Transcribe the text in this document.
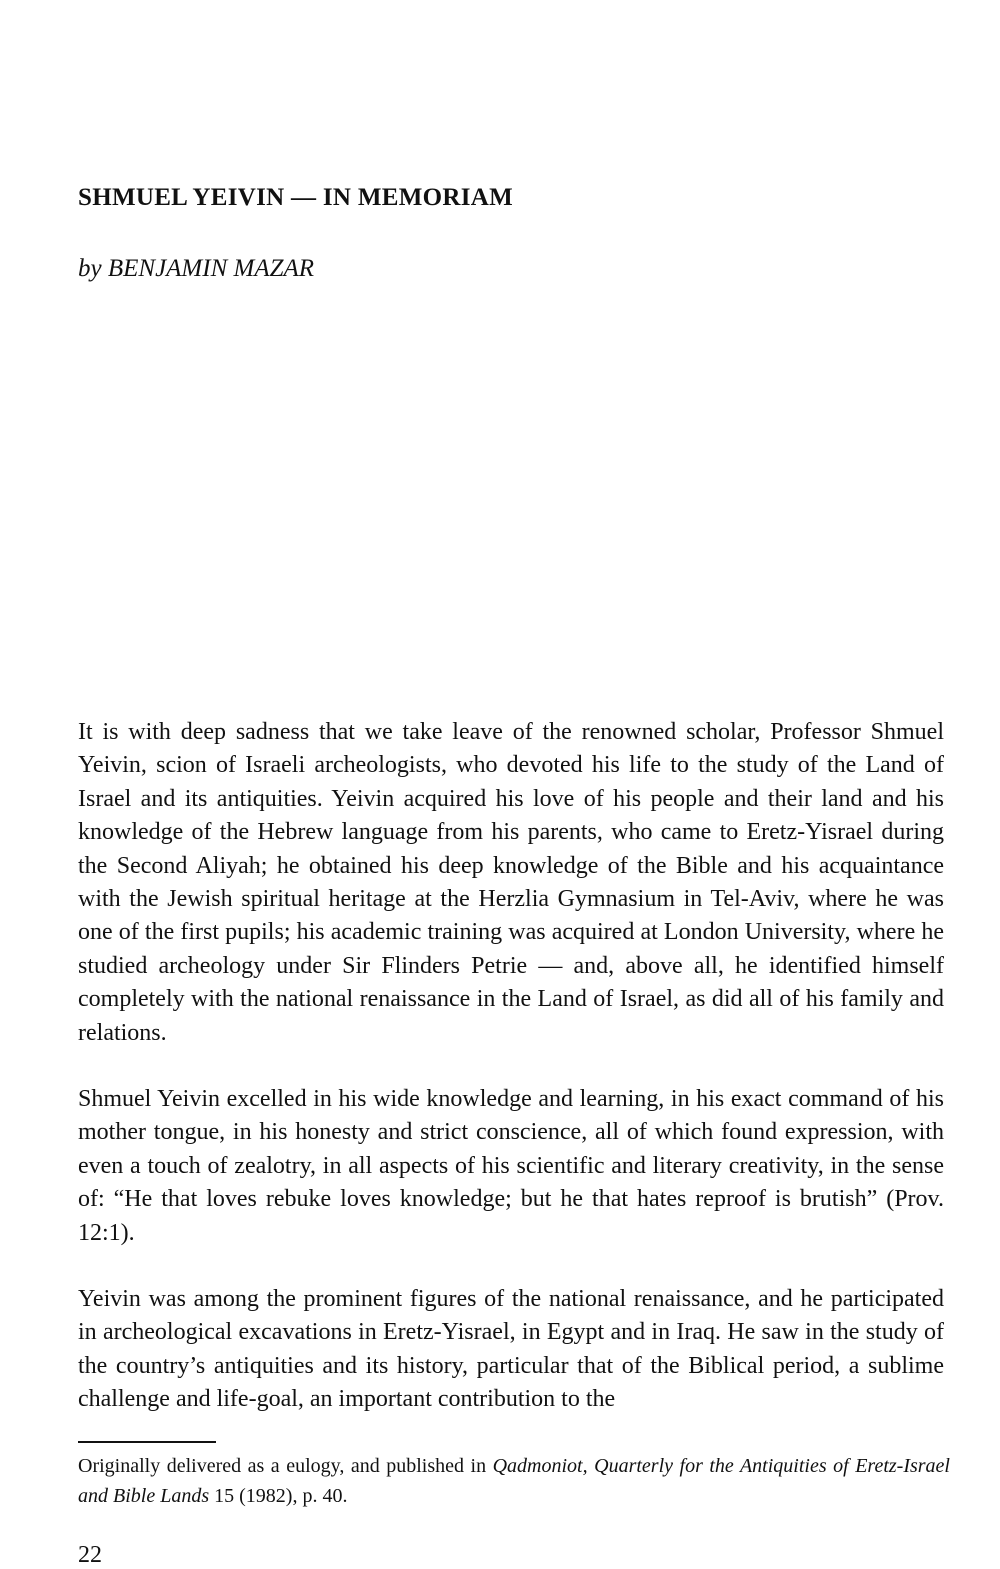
SHMUEL YEIVIN — IN MEMORIAM

by BENJAMIN MAZAR

It is with deep sadness that we take leave of the renowned scholar, Professor Shmuel Yeivin, scion of Israeli archeologists, who devoted his life to the study of the Land of Israel and its antiquities. Yeivin acquired his love of his people and their land and his knowledge of the Hebrew language from his parents, who came to Eretz-Yisrael during the Second Aliyah; he obtained his deep knowledge of the Bible and his acquaintance with the Jewish spiritual heritage at the Herzlia Gymnasium in Tel-Aviv, where he was one of the first pupils; his academic training was acquired at London University, where he studied archeology under Sir Flinders Petrie — and, above all, he identified himself completely with the national renaissance in the Land of Israel, as did all of his family and relations.

Shmuel Yeivin excelled in his wide knowledge and learning, in his exact command of his mother tongue, in his honesty and strict conscience, all of which found expression, with even a touch of zealotry, in all aspects of his scientific and literary creativity, in the sense of: “He that loves rebuke loves knowledge; but he that hates reproof is brutish” (Prov. 12:1).

Yeivin was among the prominent figures of the national renaissance, and he participated in archeological excavations in Eretz-Yisrael, in Egypt and in Iraq. He saw in the study of the country’s antiquities and its history, particular that of the Biblical period, a sublime challenge and life-goal, an important contribution to the

Originally delivered as a eulogy, and published in Qadmoniot, Quarterly for the Antiquities of Eretz-Israel and Bible Lands 15 (1982), p. 40.

22
